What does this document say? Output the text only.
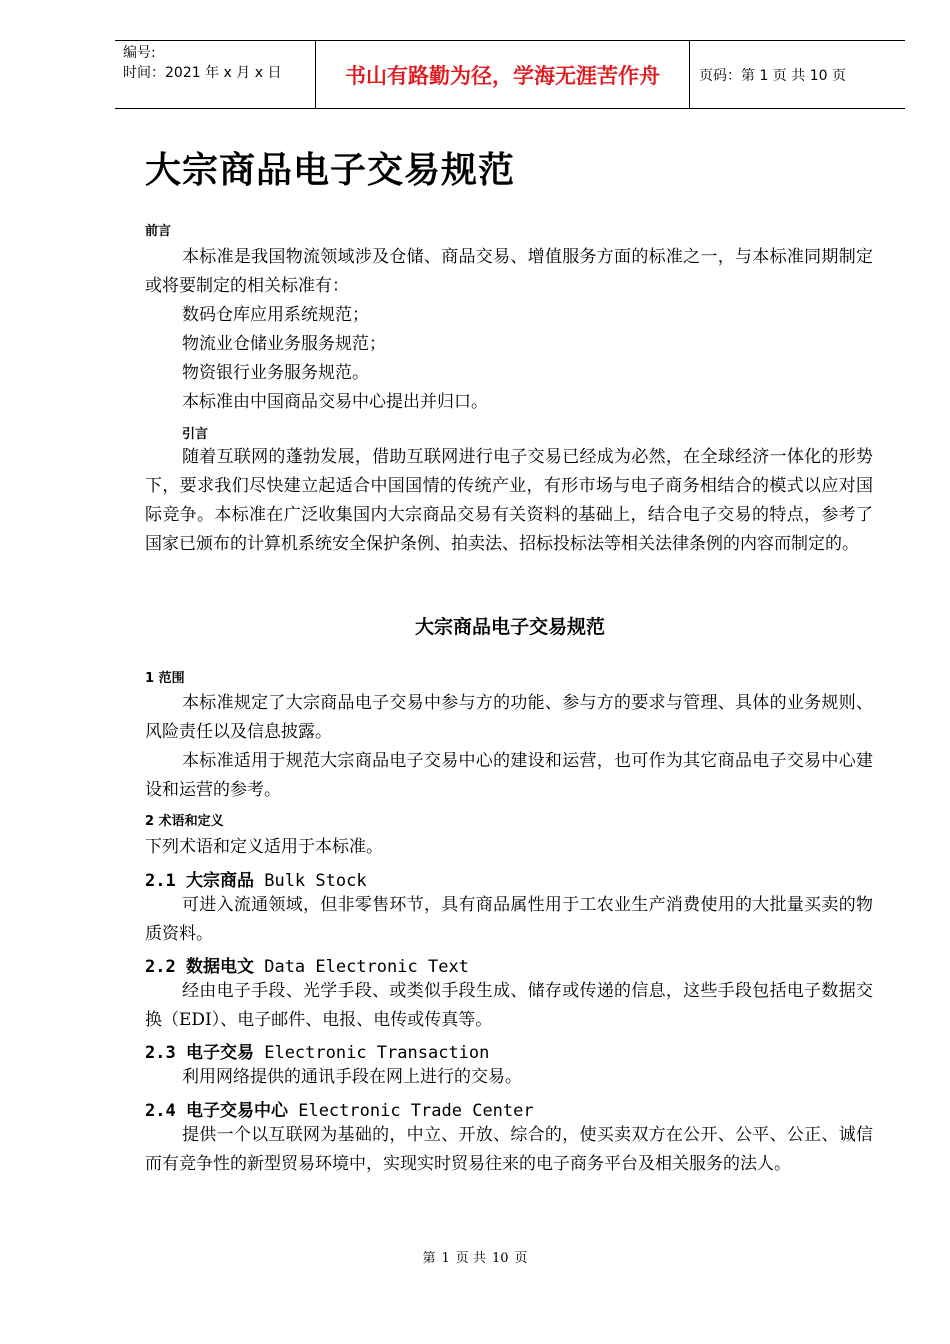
编号:
时间：2021 年 x 月 x 日	书山有路勤为径，学海无涯苦作舟	页码：第 1 页 共 10 页
大宗商品电子交易规范
前言

本标准是我国物流领域涉及仓储、商品交易、增值服务方面的标准之一，与本标准同期制定或将要制定的相关标准有：

数码仓库应用系统规范；

物流业仓储业务服务规范；

物资银行业务服务规范。

本标准由中国商品交易中心提出并归口。

引言

随着互联网的蓬勃发展，借助互联网进行电子交易已经成为必然，在全球经济一体化的形势下，要求我们尽快建立起适合中国国情的传统产业，有形市场与电子商务相结合的模式以应对国际竞争。本标准在广泛收集国内大宗商品交易有关资料的基础上，结合电子交易的特点，参考了国家已颁布的计算机系统安全保护条例、拍卖法、招标投标法等相关法律条例的内容而制定的。

大宗商品电子交易规范
1 范围

本标准规定了大宗商品电子交易中参与方的功能、参与方的要求与管理、具体的业务规则、风险责任以及信息披露。

本标准适用于规范大宗商品电子交易中心的建设和运营，也可作为其它商品电子交易中心建设和运营的参考。

2 术语和定义
下列术语和定义适用于本标准。
2.1 大宗商品 Bulk Stock

可进入流通领域，但非零售环节，具有商品属性用于工农业生产消费使用的大批量买卖的物质资料。

2.2 数据电文 Data Electronic Text

经由电子手段、光学手段、或类似手段生成、储存或传递的信息，这些手段包括电子数据交换（EDI）、电子邮件、电报、电传或传真等。

2.3 电子交易 Electronic Transaction

利用网络提供的通讯手段在网上进行的交易。

2.4 电子交易中心 Electronic Trade Center

提供一个以互联网为基础的，中立、开放、综合的，使买卖双方在公开、公平、公正、诚信而有竞争性的新型贸易环境中，实现实时贸易往来的电子商务平台及相关服务的法人。

第 1 页 共 10 页
